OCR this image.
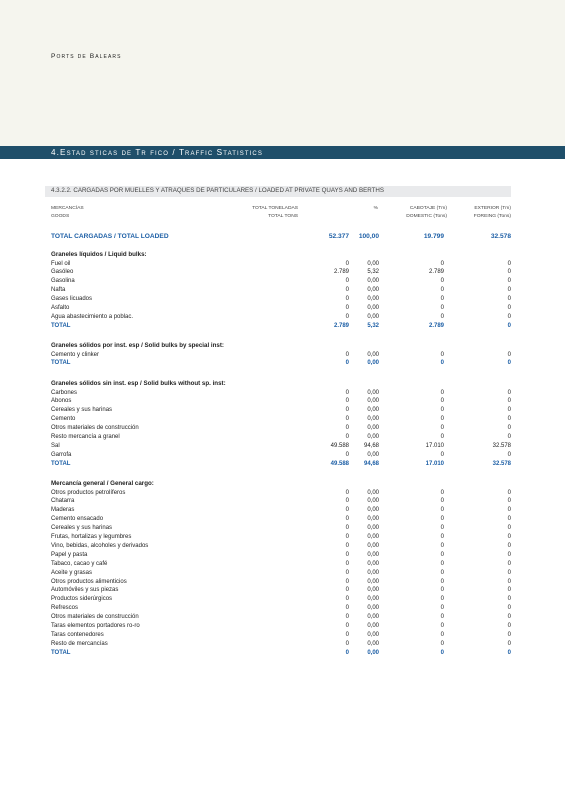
Ports de Balears
4.Estad sticas de Tr fico / Traffic Statistics
4.3.2.2. CARGADAS POR MUELLES Y ATRAQUES DE PARTICULARES / LOADED AT PRIVATE QUAYS AND BERTHS
MERCANCÍAS
GOODS
TOTAL TONELADAS
TOTAL TONS
%	CABOTAJE (Tm)
DOMESTIC (Tons)
EXTERIOR (Tm)
FOREING (Tons)
TOTAL CARGADAS / TOTAL LOADED	52.377 100,00	19.799	32.578
Graneles líquidos / Liquid bulks:
Fuel oil	0	0,00	0	0
Gasóleo	2.789	5,32	2.789	0
Gasolina	0	0,00	0	0
Nafta	0	0,00	0	0
Gases licuados	0	0,00	0	0
Asfalto	0	0,00	0	0
Agua abastecimiento a poblac.	0	0,00	0	0
TOTAL	2.789	5,32	2.789	0
Graneles sólidos por inst. esp / Solid bulks by special inst:
Cemento y clinker	0	0,00	0	0
TOTAL	0	0,00	0	0
Graneles sólidos sin inst. esp / Solid bulks without sp. inst:
Carbones	0	0,00	0	0
Abonos	0	0,00	0	0
Cereales y sus harinas	0	0,00	0	0
Cemento	0	0,00	0	0
Otros materiales de construcción	0	0,00	0	0
Resto mercancía a granel	0	0,00	0	0
Sal	49.588 94,68	17.010	32.578
Garrofa	0	0,00	0	0
TOTAL	49.588 94,68	17.010	32.578
Mercancía general / General cargo:
Otros productos petrolíferos	0	0,00	0	0
Chatarra	0	0,00	0	0
Maderas	0	0,00	0	0
Cemento ensacado	0	0,00	0	0
Cereales y sus harinas	0	0,00	0	0
Frutas, hortalizas y legumbres	0	0,00	0	0
Vino, bebidas, alcoholes y derivados	0	0,00	0	0
Papel y pasta	0	0,00	0	0
Tabaco, cacao y café	0	0,00	0	0
Aceite y grasas	0	0,00	0	0
Otros productos alimenticios	0	0,00	0	0
Automóviles y sus piezas	0	0,00	0	0
Productos siderúrgicos	0	0,00	0	0
Refrescos	0	0,00	0	0
Otros materiales de construcción	0	0,00	0	0
Taras elementos portadores ro-ro	0	0,00	0	0
Taras contenedores	0	0,00	0	0
Resto de mercancías	0	0,00	0	0
TOTAL	0	0,00	0	0
